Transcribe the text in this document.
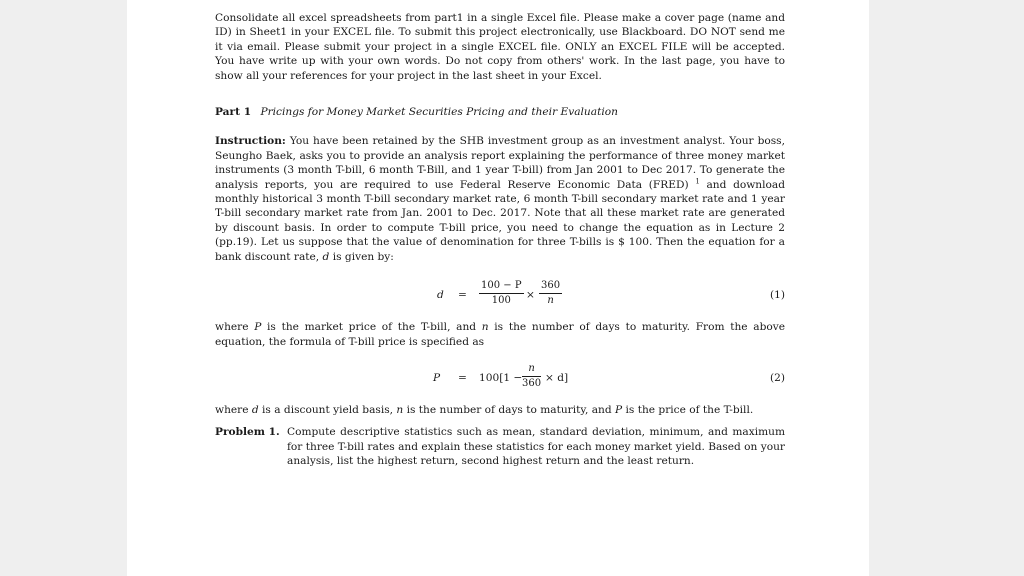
Consolidate all excel spreadsheets from part1 in a single Excel file. Please make a cover page (name and ID) in Sheet1 in your EXCEL file. To submit this project electronically, use Blackboard. DO NOT send me it via email. Please submit your project in a single EXCEL file. ONLY an EXCEL FILE will be accepted. You have write up with your own words. Do not copy from others' work. In the last page, you have to show all your references for your project in the last sheet in your Excel.

Part 1 Pricings for Money Market Securities Pricing and their Evaluation

Instruction: You have been retained by the SHB investment group as an investment analyst. Your boss, Seungho Baek, asks you to provide an analysis report explaining the performance of three money market instruments (3 month T-bill, 6 month T-Bill, and 1 year T-bill) from Jan 2001 to Dec 2017. To generate the analysis reports, you are required to use Federal Reserve Economic Data (FRED) $^1$ and download monthly historical 3 month T-bill secondary market rate, 6 month T-bill secondary market rate and 1 year T-bill secondary market rate from Jan. 2001 to Dec. 2017. Note that all these market rate are generated by discount basis. In order to compute T-bill price, you need to change the equation as in Lecture 2 (pp.19). Let us suppose that the value of denomination for three T-bills is $ 100. Then the equation for a bank discount rate, d is given by:

$d = \frac{100 - P}{100} \times \frac{360}{n}$	(1)

where P is the market price of the T-bill, and n is the number of days to maturity. From the above equation, the formula of T-bill price is specified as

$P = 100[1 - \frac{n}{360} \times d]$	(2)

where d is a discount yield basis, n is the number of days to maturity, and P is the price of the T-bill.

Problem 1. Compute descriptive statistics such as mean, standard deviation, minimum, and maximum for three T-bill rates and explain these statistics for each money market yield. Based on your analysis, list the highest return, second highest return and the least return.
